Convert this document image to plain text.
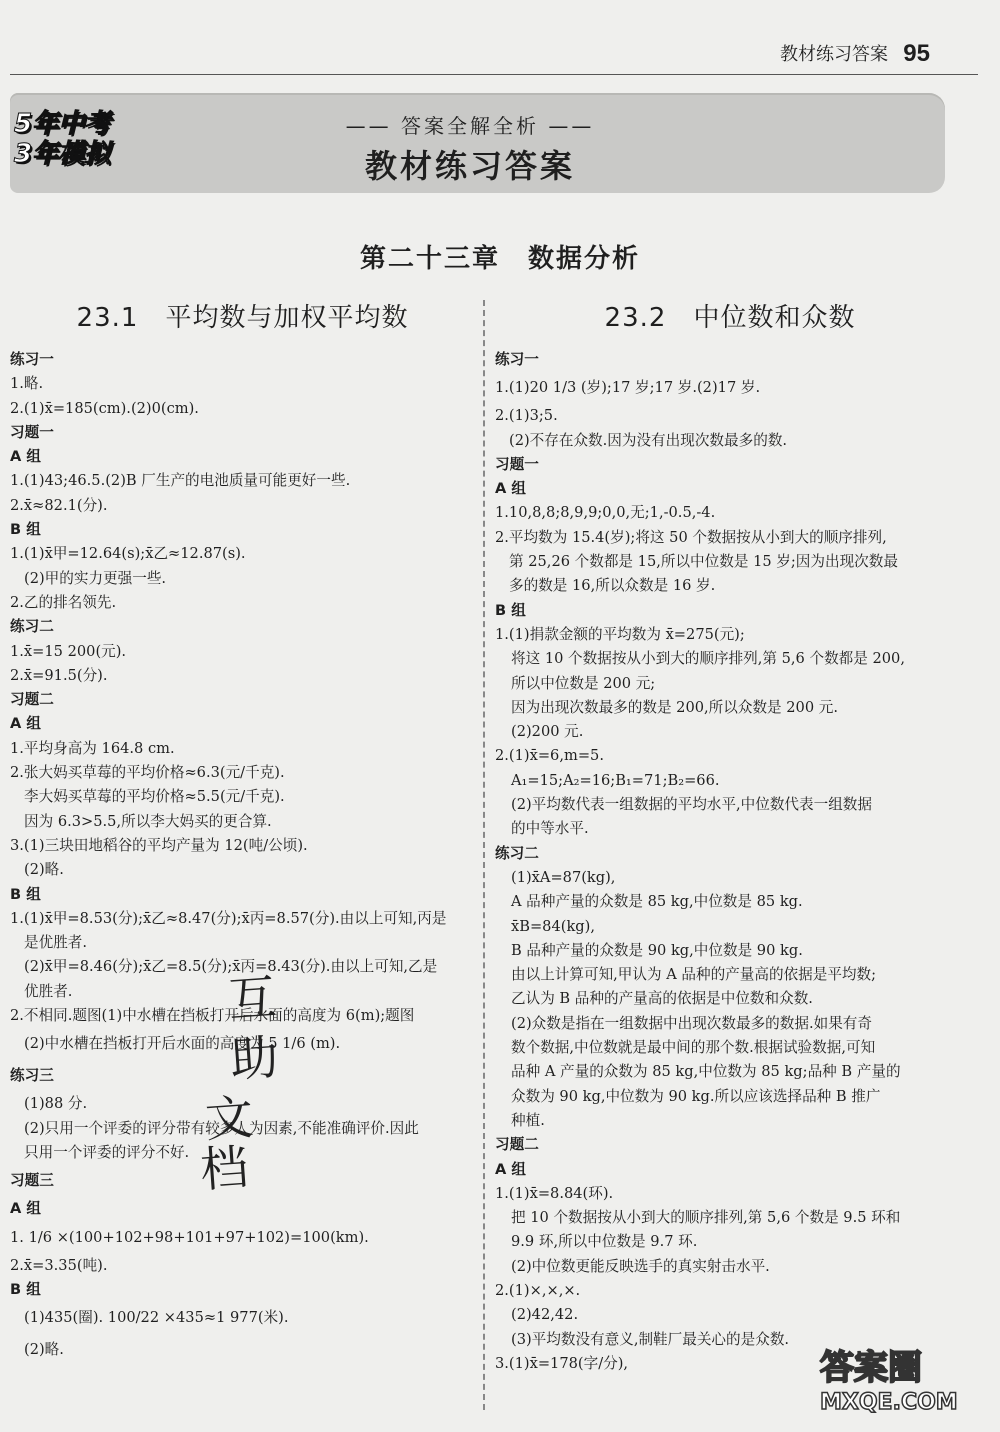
教材练习答案 95
5年中考
3年模拟
—— 答案全解全析 ——
教材练习答案
第二十三章　数据分析
23.1　平均数与加权平均数
练习一
1.略.
2.(1)x̄=185(cm).(2)0(cm).
习题一
A 组
1.(1)43;46.5.(2)B 厂生产的电池质量可能更好一些.
2.x̄≈82.1(分).
B 组
1.(1)x̄甲=12.64(s);x̄乙≈12.87(s).
(2)甲的实力更强一些.
2.乙的排名领先.
练习二
1.x̄=15 200(元).
2.x̄=91.5(分).
习题二
A 组
1.平均身高为 164.8 cm.
2.张大妈买草莓的平均价格≈6.3(元/千克).
李大妈买草莓的平均价格≈5.5(元/千克).
因为 6.3>5.5,所以李大妈买的更合算.
3.(1)三块田地稻谷的平均产量为 12(吨/公顷).
(2)略.
B 组
1.(1)x̄甲=8.53(分);x̄乙≈8.47(分);x̄丙=8.57(分).由以上可知,丙是
是优胜者.
(2)x̄甲=8.46(分);x̄乙=8.5(分);x̄丙=8.43(分).由以上可知,乙是
优胜者.
2.不相同.题图(1)中水槽在挡板打开后水面的高度为 6(m);题图
(2)中水槽在挡板打开后水面的高度为 5 1/6 (m).
练习三
(1)88 分.
(2)只用一个评委的评分带有较多人为因素,不能准确评价.因此
只用一个评委的评分不好.
习题三
A 组
1. 1/6 ×(100+102+98+101+97+102)=100(km).
2.x̄=3.35(吨).
B 组
(1)435(圈). 100/22 ×435≈1 977(米).
(2)略.
23.2　中位数和众数
练习一
1.(1)20 1/3 (岁);17 岁;17 岁.(2)17 岁.
2.(1)3;5.
(2)不存在众数.因为没有出现次数最多的数.
习题一
A 组
1.10,8,8;8,9,9;0,0,无;1,-0.5,-4.
2.平均数为 15.4(岁);将这 50 个数据按从小到大的顺序排列,
第 25,26 个数都是 15,所以中位数是 15 岁;因为出现次数最
多的数是 16,所以众数是 16 岁.
B 组
1.(1)捐款金额的平均数为 x̄=275(元);
将这 10 个数据按从小到大的顺序排列,第 5,6 个数都是 200,
所以中位数是 200 元;
因为出现次数最多的数是 200,所以众数是 200 元.
(2)200 元.
2.(1)x̄=6,m=5.
A₁=15;A₂=16;B₁=71;B₂=66.
(2)平均数代表一组数据的平均水平,中位数代表一组数据
的中等水平.
练习二
(1)x̄A=87(kg),
A 品种产量的众数是 85 kg,中位数是 85 kg.
x̄B=84(kg),
B 品种产量的众数是 90 kg,中位数是 90 kg.
由以上计算可知,甲认为 A 品种的产量高的依据是平均数;
乙认为 B 品种的产量高的依据是中位数和众数.
(2)众数是指在一组数据中出现次数最多的数据.如果有奇
数个数据,中位数就是最中间的那个数.根据试验数据,可知
品种 A 产量的众数为 85 kg,中位数为 85 kg;品种 B 产量的
众数为 90 kg,中位数为 90 kg.所以应该选择品种 B 推广
种植.
习题二
A 组
1.(1)x̄=8.84(环).
把 10 个数据按从小到大的顺序排列,第 5,6 个数是 9.5 环和
9.9 环,所以中位数是 9.7 环.
(2)中位数更能反映选手的真实射击水平.
2.(1)×,×,×.
(2)42,42.
(3)平均数没有意义,制鞋厂最关心的是众数.
3.(1)x̄=178(字/分),
互
助
文
档
答案圈
MXQE.COM
